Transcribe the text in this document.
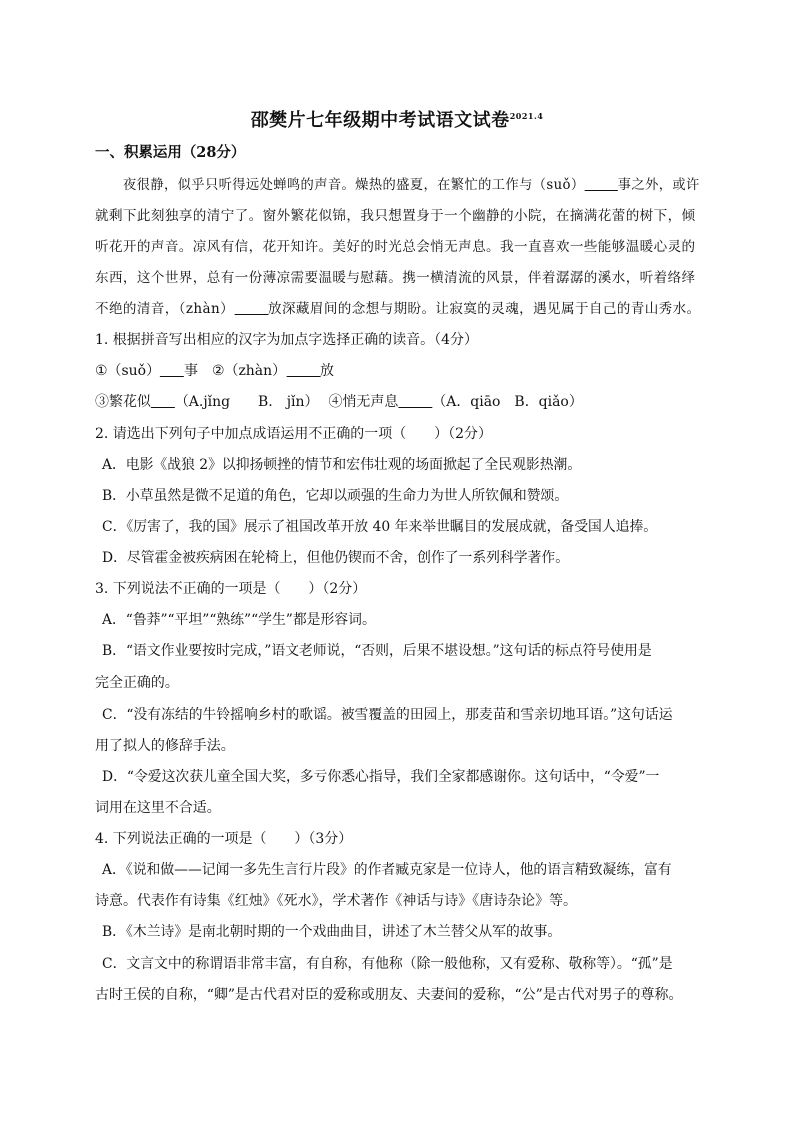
邵樊片七年级期中考试语文试卷$^{2021.4}$
一、积累运用（28分）
夜很静，似乎只听得远处蝉鸣的声音。燥热的盛夏，在繁忙的工作与（suǒ） 事之外，或许
就剩下此刻独享的清宁了。窗外繁花似锦，我只想置身于一个幽静的小院，在摘满花蕾的树下，倾
听花开的声音。凉风有信，花开知许。美好的时光总会悄无声息。我一直喜欢一些能够温暖心灵的
东西，这个世界，总有一份薄凉需要温暖与慰藉。携一横清流的风景，伴着潺潺的溪水，听着络绎
不绝的清音，（zhàn） 放深藏眉间的念想与期盼。让寂寞的灵魂，遇见属于自己的青山秀水。
1. 根据拼音写出相应的汉字为加点字选择正确的读音。（4分）
①（suǒ） 事 ②（zhàn） 放
③繁花似 （A.jǐng　　B.　jǐn） ④悄无声息 （A．qiāo　B．qiǎo）
2. 请选出下列句子中加点成语运用不正确的一项（　　）（2分）
A．电影《战狼 2》以抑扬顿挫的情节和宏伟壮观的场面掀起了全民观影热潮。
B．小草虽然是微不足道的角色，它却以顽强的生命力为世人所钦佩和赞颂。
C．《厉害了，我的国》展示了祖国改革开放 40 年来举世瞩目的发展成就，备受国人追捧。
D．尽管霍金被疾病困在轮椅上，但他仍锲而不舍，创作了一系列科学著作。
3. 下列说法不正确的一项是（　　）（2分）
A．“鲁莽”“平坦”“熟练”“学生”都是形容词。
B．“语文作业要按时完成，”语文老师说，“否则，后果不堪设想。”这句话的标点符号使用是
完全正确的。
C．“没有冻结的牛铃摇响乡村的歌谣。被雪覆盖的田园上，那麦苗和雪亲切地耳语。”这句话运
用了拟人的修辞手法。
D．“令爱这次获儿童全国大奖，多亏你悉心指导，我们全家都感谢你。这句话中，“令爱”一
词用在这里不合适。
4. 下列说法正确的一项是（　　）（3分）
A．《说和做——记闻一多先生言行片段》的作者臧克家是一位诗人，他的语言精致凝练，富有
诗意。代表作有诗集《红烛》《死水》，学术著作《神话与诗》《唐诗杂论》等。
B．《木兰诗》是南北朝时期的一个戏曲曲目，讲述了木兰替父从军的故事。
C．文言文中的称谓语非常丰富，有自称，有他称（除一般他称，又有爱称、敬称等）。“孤”是
古时王侯的自称，“卿”是古代君对臣的爱称或朋友、夫妻间的爱称，“公”是古代对男子的尊称。
